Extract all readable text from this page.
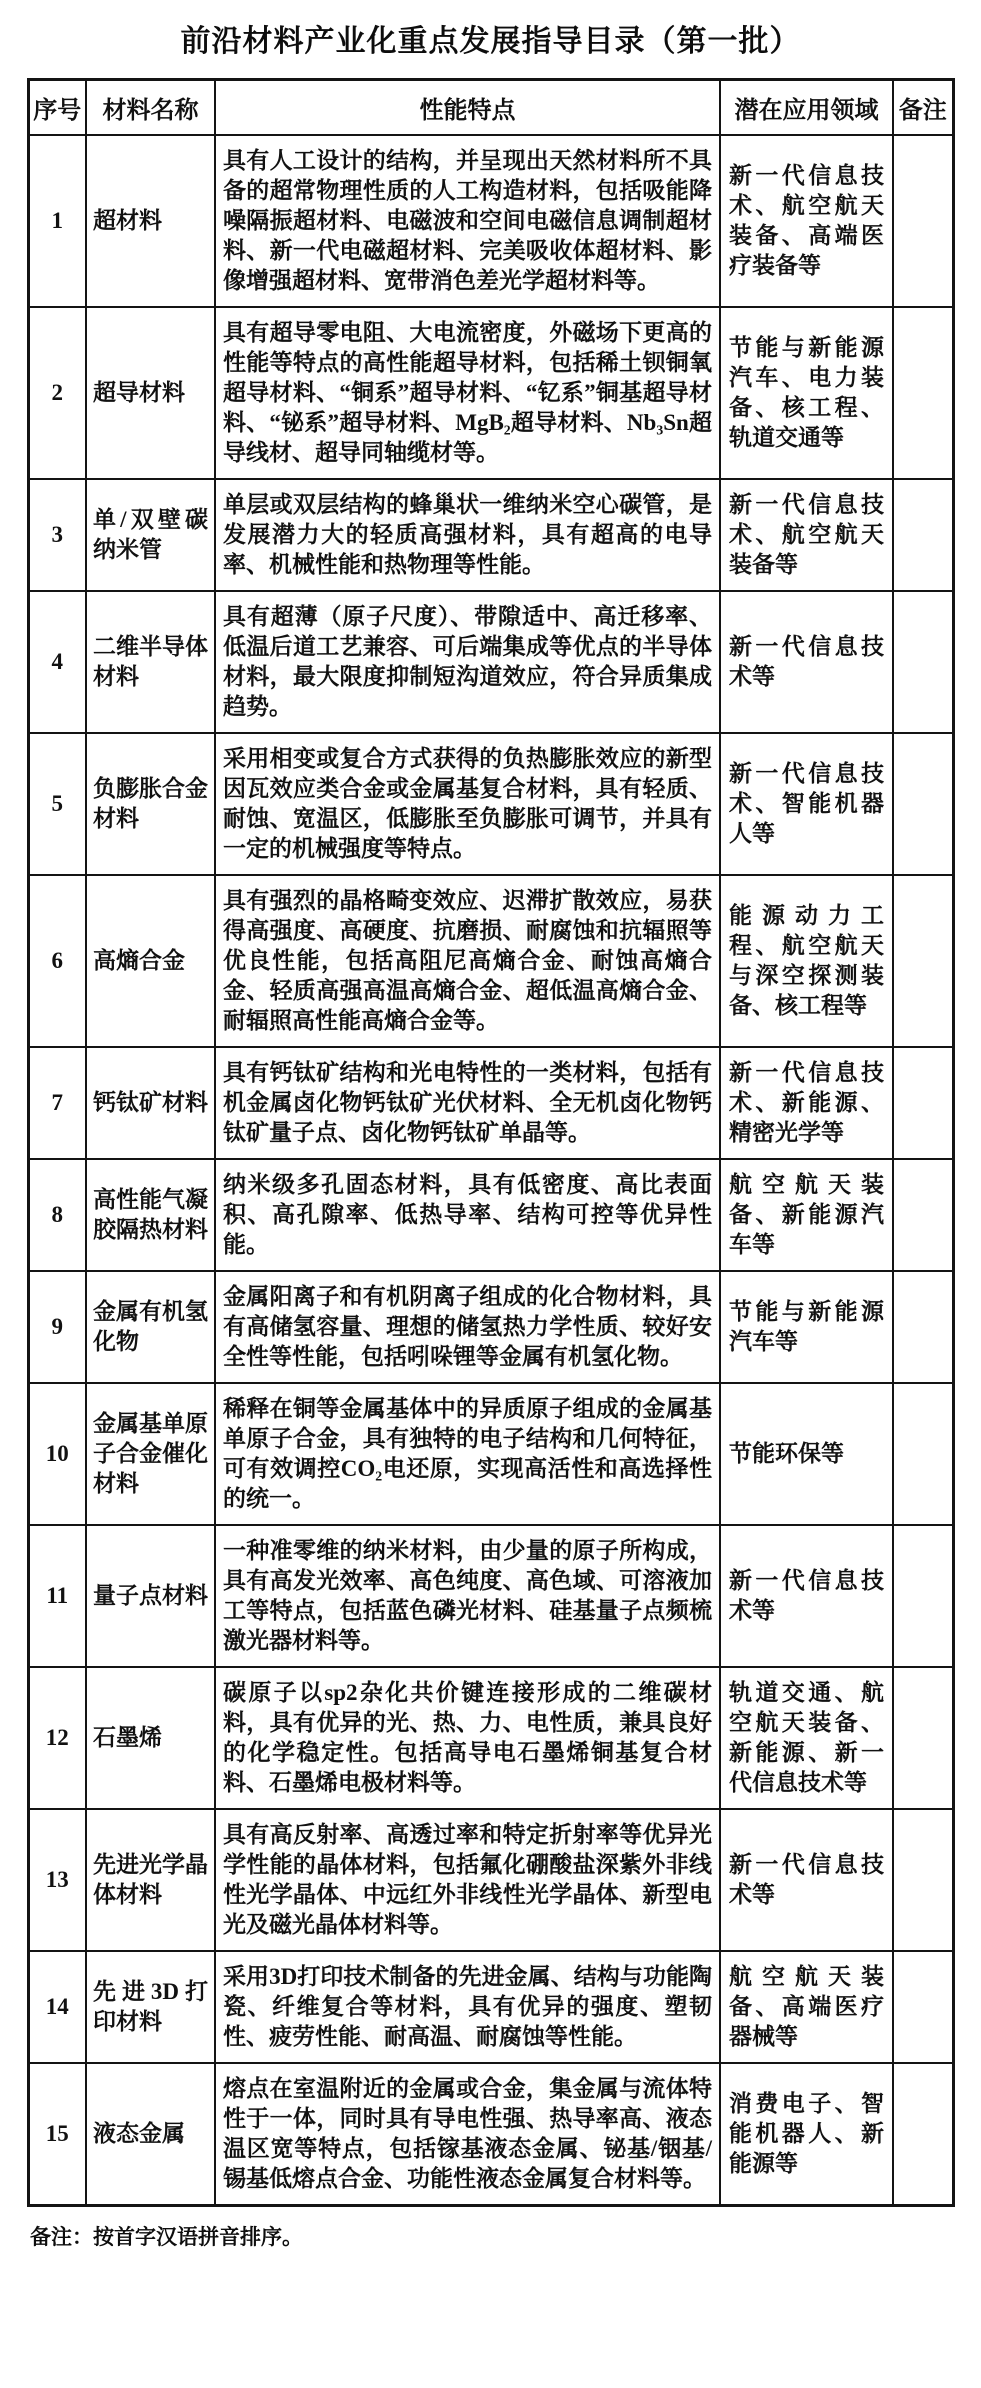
前沿材料产业化重点发展指导目录（第一批）
序号	材料名称	性能特点	潜在应用领域	备注
1	超材料	具有人工设计的结构，并呈现出天然材料所不具备的超常物理性质的人工构造材料，包括吸能降噪隔振超材料、电磁波和空间电磁信息调制超材料、新一代电磁超材料、完美吸收体超材料、影像增强超材料、宽带消色差光学超材料等。	新一代信息技术、航空航天装备、高端医疗装备等	
2	超导材料	具有超导零电阻、大电流密度，外磁场下更高的性能等特点的高性能超导材料，包括稀土钡铜氧超导材料、“铜系”超导材料、“钇系”铜基超导材料、“铋系”超导材料、MgB₂超导材料、Nb₃Sn超导线材、超导同轴缆材等。	节能与新能源汽车、电力装备、核工程、轨道交通等	
3	单/双壁碳纳米管	单层或双层结构的蜂巢状一维纳米空心碳管，是发展潜力大的轻质高强材料，具有超高的电导率、机械性能和热物理等性能。	新一代信息技术、航空航天装备等	
4	二维半导体材料	具有超薄（原子尺度）、带隙适中、高迁移率、低温后道工艺兼容、可后端集成等优点的半导体材料，最大限度抑制短沟道效应，符合异质集成趋势。	新一代信息技术等	
5	负膨胀合金材料	采用相变或复合方式获得的负热膨胀效应的新型因瓦效应类合金或金属基复合材料，具有轻质、耐蚀、宽温区，低膨胀至负膨胀可调节，并具有一定的机械强度等特点。	新一代信息技术、智能机器人等	
6	高熵合金	具有强烈的晶格畸变效应、迟滞扩散效应，易获得高强度、高硬度、抗磨损、耐腐蚀和抗辐照等优良性能，包括高阻尼高熵合金、耐蚀高熵合金、轻质高强高温高熵合金、超低温高熵合金、耐辐照高性能高熵合金等。	能源动力工程、航空航天与深空探测装备、核工程等	
7	钙钛矿材料	具有钙钛矿结构和光电特性的一类材料，包括有机金属卤化物钙钛矿光伏材料、全无机卤化物钙钛矿量子点、卤化物钙钛矿单晶等。	新一代信息技术、新能源、精密光学等	
8	高性能气凝胶隔热材料	纳米级多孔固态材料，具有低密度、高比表面积、高孔隙率、低热导率、结构可控等优异性能。	航空航天装备、新能源汽车等	
9	金属有机氢化物	金属阳离子和有机阴离子组成的化合物材料，具有高储氢容量、理想的储氢热力学性质、较好安全性等性能，包括吲哚锂等金属有机氢化物。	节能与新能源汽车等	
10	金属基单原子合金催化材料	稀释在铜等金属基体中的异质原子组成的金属基单原子合金，具有独特的电子结构和几何特征，可有效调控CO₂电还原，实现高活性和高选择性的统一。	节能环保等	
11	量子点材料	一种准零维的纳米材料，由少量的原子所构成，具有高发光效率、高色纯度、高色域、可溶液加工等特点，包括蓝色磷光材料、硅基量子点频梳激光器材料等。	新一代信息技术等	
12	石墨烯	碳原子以sp2杂化共价键连接形成的二维碳材料，具有优异的光、热、力、电性质，兼具良好的化学稳定性。包括高导电石墨烯铜基复合材料、石墨烯电极材料等。	轨道交通、航空航天装备、新能源、新一代信息技术等	
13	先进光学晶体材料	具有高反射率、高透过率和特定折射率等优异光学性能的晶体材料，包括氟化硼酸盐深紫外非线性光学晶体、中远红外非线性光学晶体、新型电光及磁光晶体材料等。	新一代信息技术等	
14	先进3D打印材料	采用3D打印技术制备的先进金属、结构与功能陶瓷、纤维复合等材料，具有优异的强度、塑韧性、疲劳性能、耐高温、耐腐蚀等性能。	航空航天装备、高端医疗器械等	
15	液态金属	熔点在室温附近的金属或合金，集金属与流体特性于一体，同时具有导电性强、热导率高、液态温区宽等特点，包括镓基液态金属、铋基/铟基/锡基低熔点合金、功能性液态金属复合材料等。	消费电子、智能机器人、新能源等	
备注：按首字汉语拼音排序。
